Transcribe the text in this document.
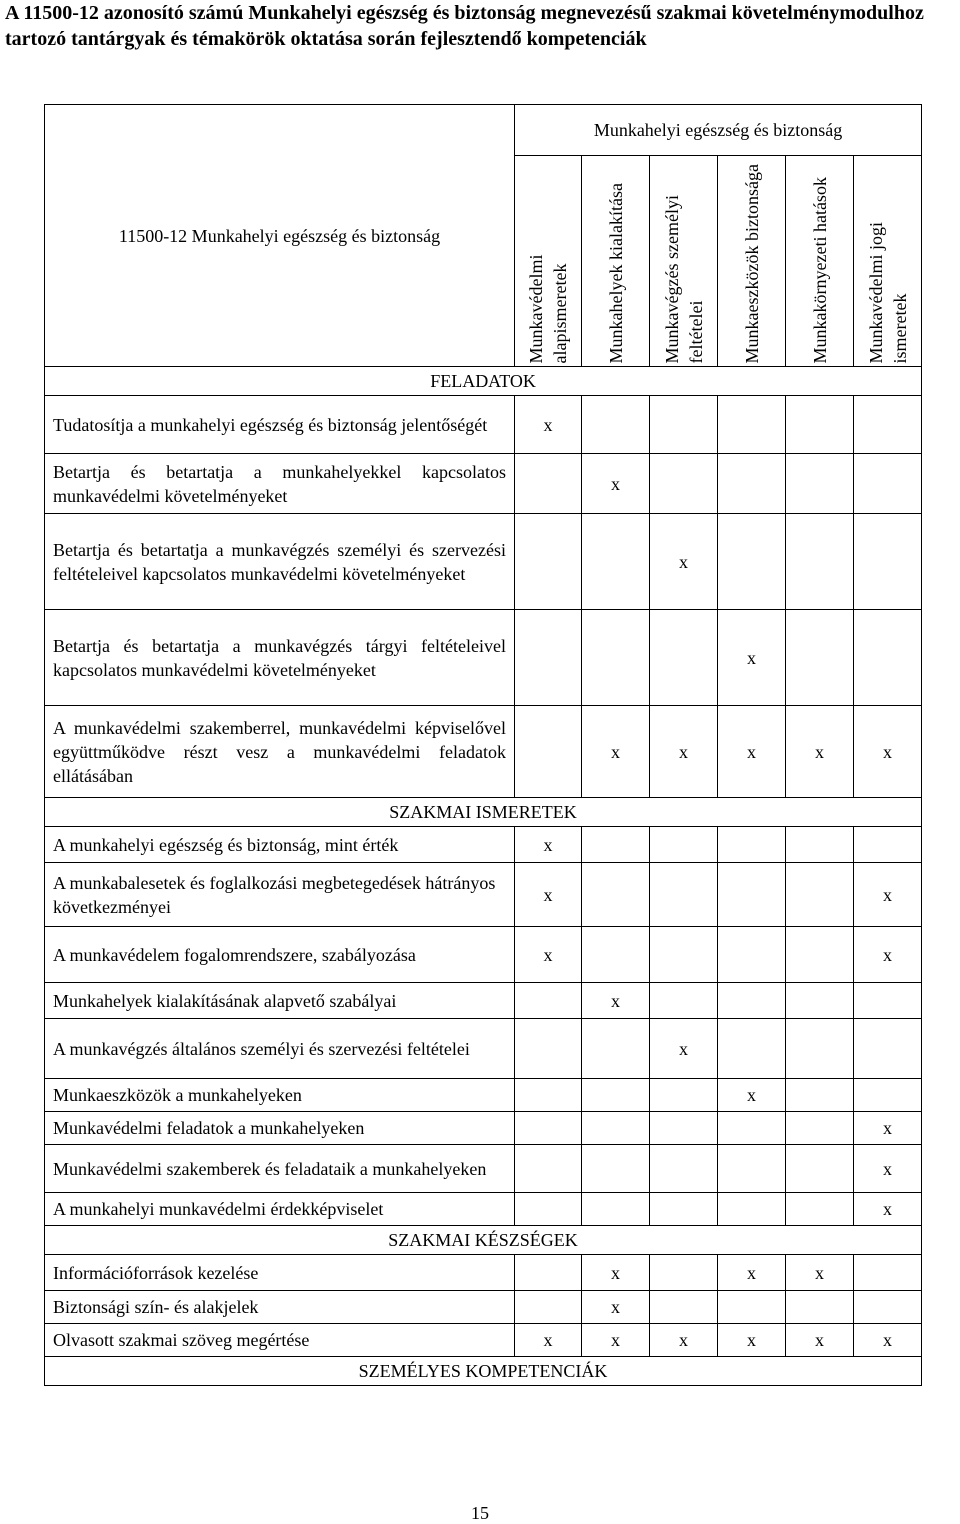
A 11500-12 azonosító számú Munkahelyi egészség és biztonság megnevezésű szakmai követelménymodulhoz tartozó tantárgyak és témakörök oktatása során fejlesztendő kompetenciák

11500-12 Munkahelyi egészség és biztonság	Munkahelyi egészség és biztonság					

	Munkavédelmi alapismeretek	Munkahelyek kialakítása	Munkavégzés személyi feltételei	Munkaeszközök biztonsága	Munkakörnyezeti hatások	Munkavédelmi jogi ismeretek

FELADATOK						
Tudatosítja a munkahelyi egészség és biztonság jelentőségét	x					
Betartja és betartatja a munkahelyekkel kapcsolatos munkavédelmi követelményeket		x				
Betartja és betartatja a munkavégzés személyi és szervezési feltételeivel kapcsolatos munkavédelmi követelményeket			x			
Betartja és betartatja a munkavégzés tárgyi feltételeivel kapcsolatos munkavédelmi követelményeket				x		
A munkavédelmi szakemberrel, munkavédelmi képviselővel együttműködve részt vesz a munkavédelmi feladatok ellátásában		x	x	x	x	x
SZAKMAI ISMERETEK						
A munkahelyi egészség és biztonság, mint érték	x					
A munkabalesetek és foglalkozási megbetegedések hátrányos következményei	x					x
A munkavédelem fogalomrendszere, szabályozása	x					x
Munkahelyek kialakításának alapvető szabályai		x				
A munkavégzés általános személyi és szervezési feltételei			x			
Munkaeszközök a munkahelyeken				x		
Munkavédelmi feladatok a munkahelyeken						x
Munkavédelmi szakemberek és feladataik a munkahelyeken						x
A munkahelyi munkavédelmi érdekképviselet						x
SZAKMAI KÉSZSÉGEK						
Információforrások kezelése		x		x	x	
Biztonsági szín- és alakjelek		x				
Olvasott szakmai szöveg megértése	x	x	x	x	x	x
SZEMÉLYES KOMPETENCIÁK						
15
